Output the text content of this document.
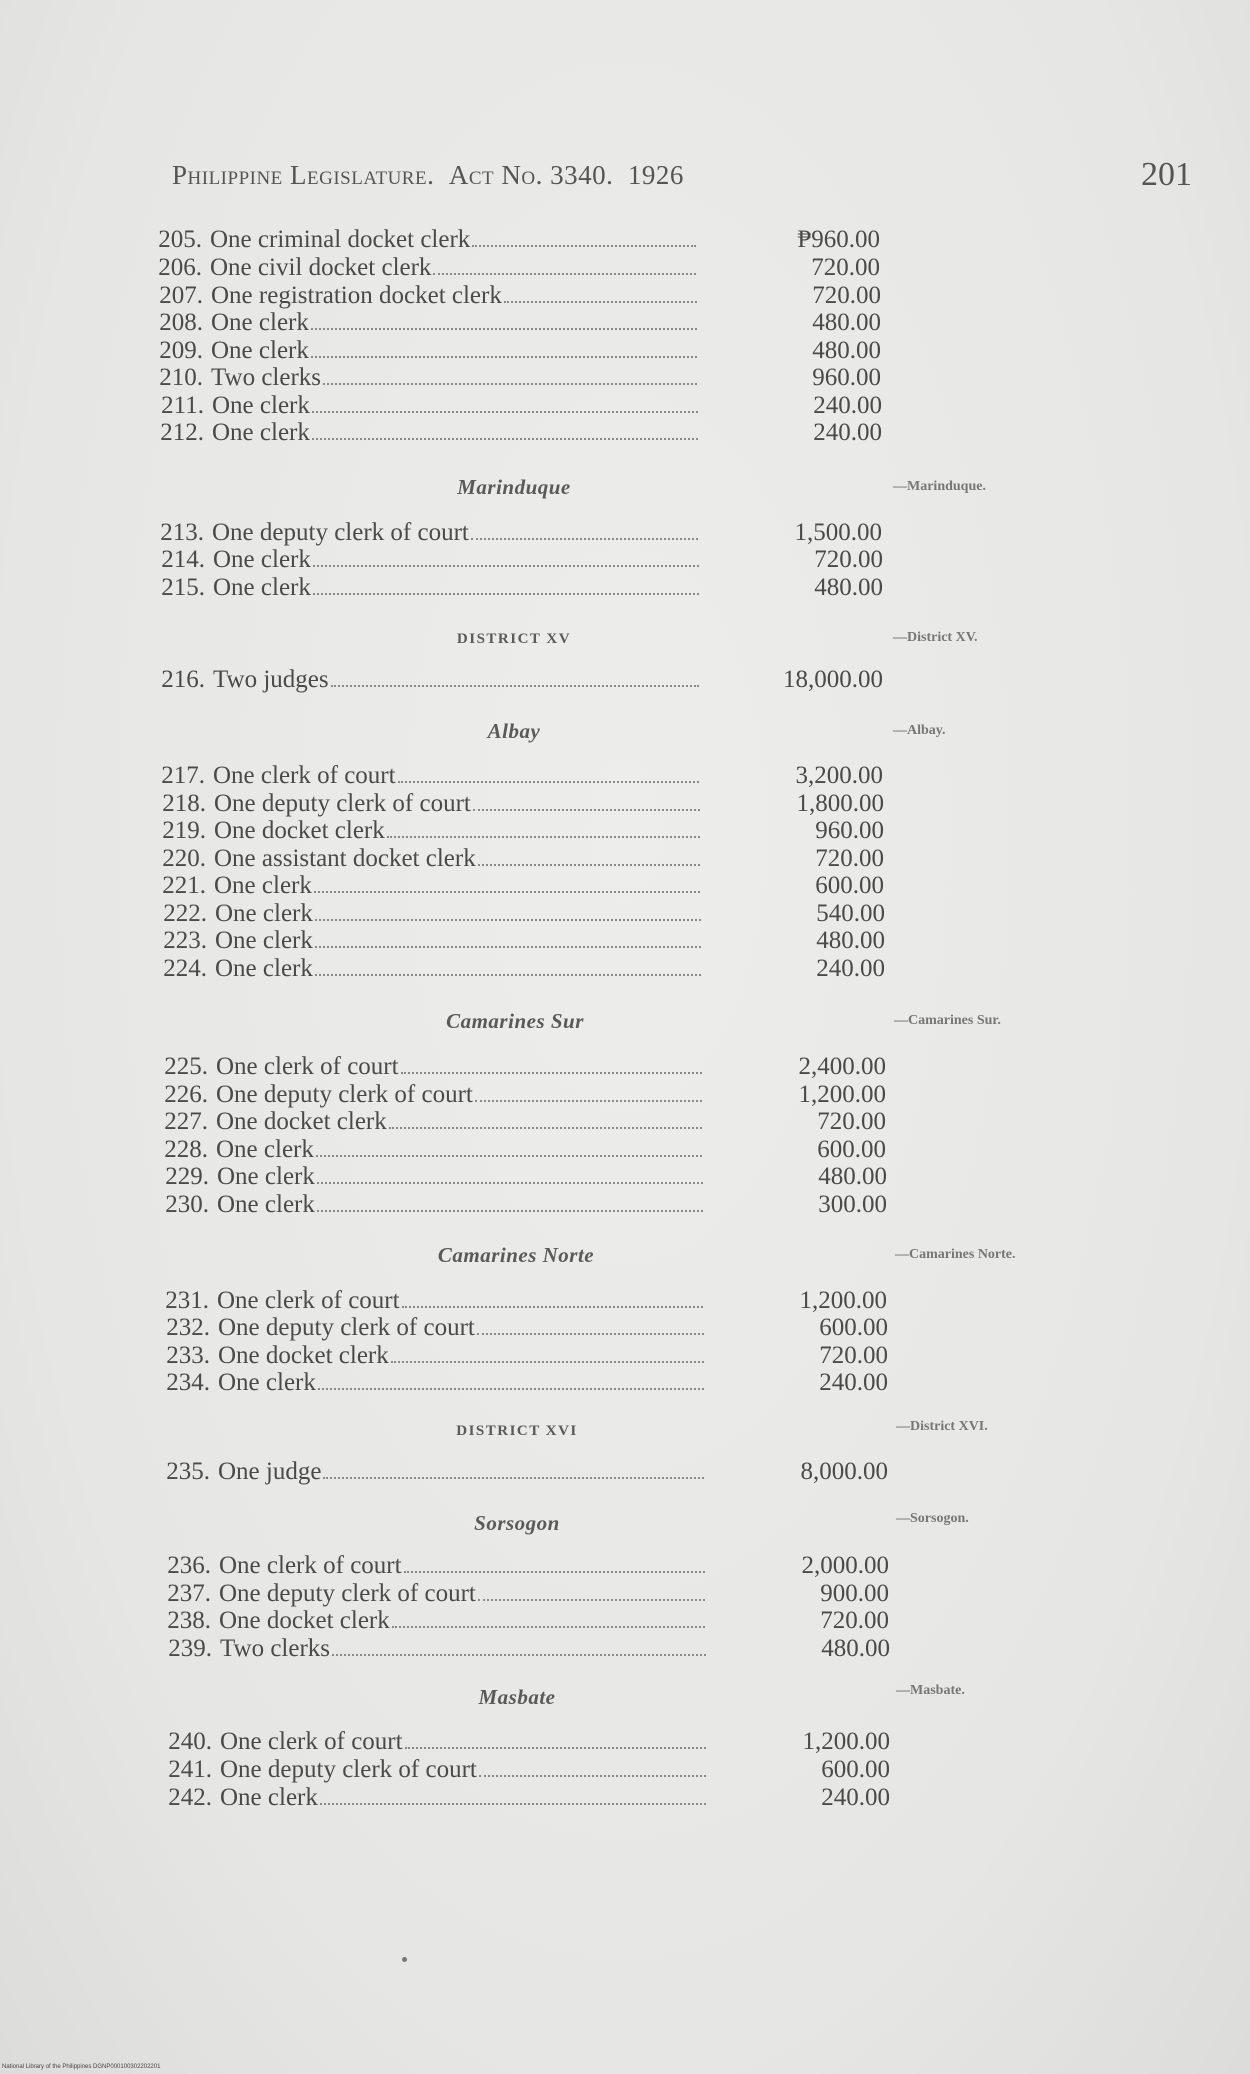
Philippine Legislature. Act No. 3340. 1926	201
205. One criminal docket clerk	₱960.00
206. One civil docket clerk	720.00
207. One registration docket clerk	720.00
208. One clerk	480.00
209. One clerk	480.00
210. Two clerks	960.00
211. One clerk	240.00
212. One clerk	240.00
Marinduque	—Marinduque.
213. One deputy clerk of court	1,500.00
214. One clerk	720.00
215. One clerk	480.00
DISTRICT XV	—District XV.
216. Two judges	18,000.00
Albay	—Albay.
217. One clerk of court	3,200.00
218. One deputy clerk of court	1,800.00
219. One docket clerk	960.00
220. One assistant docket clerk	720.00
221. One clerk	600.00
222. One clerk	540.00
223. One clerk	480.00
224. One clerk	240.00
Camarines Sur	—Camarines Sur.
225. One clerk of court	2,400.00
226. One deputy clerk of court	1,200.00
227. One docket clerk	720.00
228. One clerk	600.00
229. One clerk	480.00
230. One clerk	300.00
Camarines Norte	—Camarines Norte.
231. One clerk of court	1,200.00
232. One deputy clerk of court	600.00
233. One docket clerk	720.00
234. One clerk	240.00
DISTRICT XVI	—District XVI.
235. One judge	8,000.00
Sorsogon	—Sorsogon.
236. One clerk of court	2,000.00
237. One deputy clerk of court	900.00
238. One docket clerk	720.00
239. Two clerks	480.00
Masbate	—Masbate.
240. One clerk of court	1,200.00
241. One deputy clerk of court	600.00
242. One clerk	240.00
National Library of the Philippines DGNP000100302202201
